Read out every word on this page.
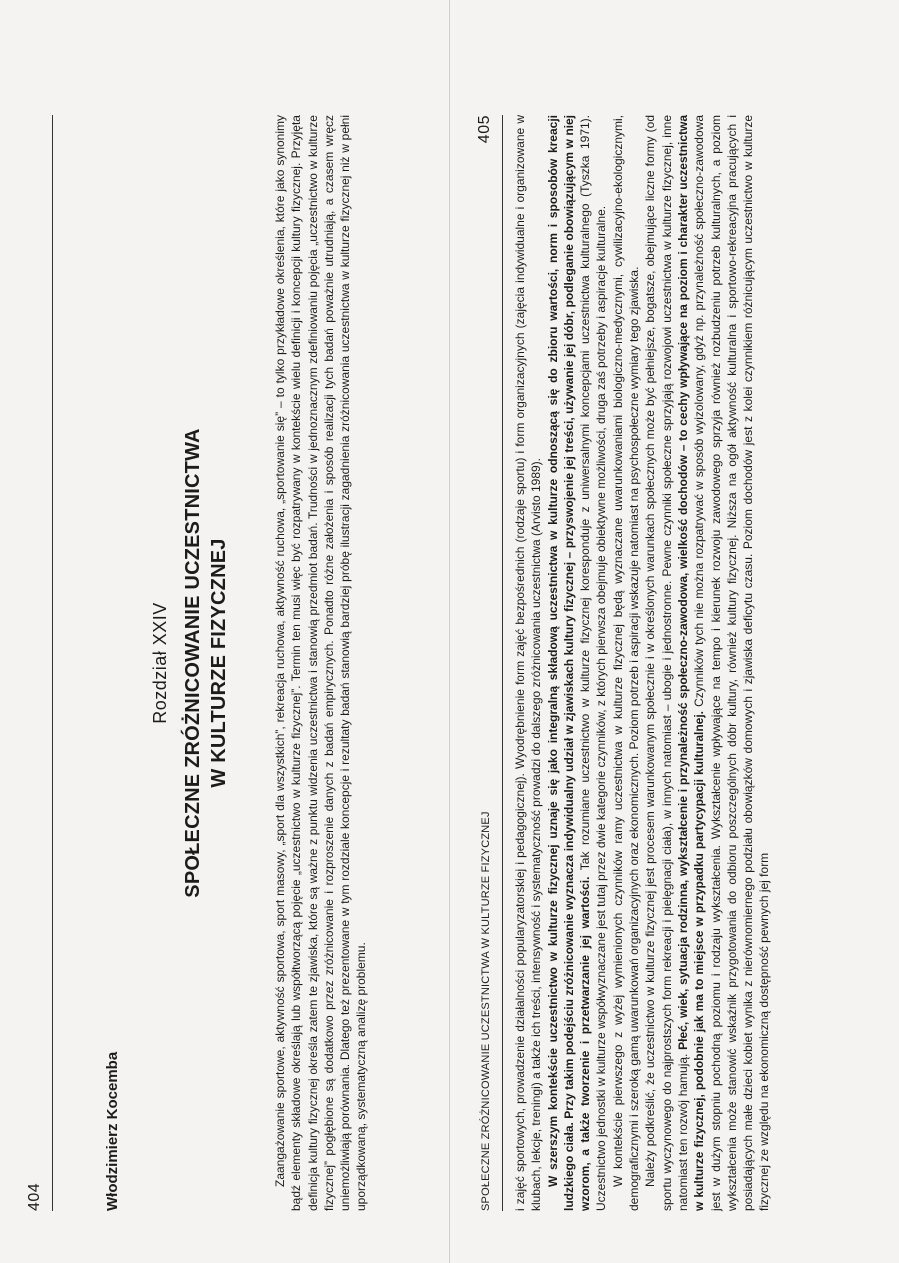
404	Włodzimierz Kocemba
Rozdział XXIV SPOŁECZNE ZRÓŻNICOWANIE UCZESTNICTWA W KULTURZE FIZYCZNEJ	Zaangażowanie sportowe, aktywność sportowa, sport masowy, „sport dla wszystkich”, rekreacja ruchowa, aktywność ruchowa, „sportowanie się” – to tylko przykładowe określenia, które jako synonimy bądź elementy składowe określają lub współtworzącą pojęcie „uczestnictwo w kulturze fizycznej”. Termin ten musi więc być rozpatrywany w kontekście wielu definicji i koncepcji kultury fizycznej. Przyjęta definicja kultury fizycznej określa zatem te zjawiska, które są ważne z punktu widzenia uczestnictwa i stanowią przedmiot badań. Trudności w jednoznacznym zdefiniowaniu pojęcia „uczestnictwo w kulturze fizycznej” pogłębione są dodatkowo przez zróżnicowanie i rozproszenie danych z badań empirycznych. Ponadto różne założenia i sposób realizacji tych badań poważnie utrudniają, a czasem wręcz uniemożliwiają porównania. Dlatego też prezentowane w tym rozdziale koncepcje i rezultaty badań stanowią bardziej próbę ilustracji zagadnienia zróżnicowania uczestnictwa w kulturze fizycznej niż w pełni uporządkowaną, systematyczną analizę problemu.	SPOŁECZNE ZRÓŻNICOWANIE UCZESTNICTWA W KULTURZE FIZYCZNEJ
405 i zajęć sportowych, prowadzenie działalności popularyzatorskiej i pedagogicznej). Wyodrębnienie form zajęć bezpośrednich (rodzaje sportu) i form organizacyjnych (zajęcia indywidualne i organizowane w klubach, lekcje, treningi) a także ich treści, intensywność i systematyczność prowadzi do dalszego zróżnicowania uczestnictwa (Arvisto 1989). W szerszym kontekście uczestnictwo w kulturze fizycznej uznaje się jako integralną składową uczestnictwa w kulturze odnoszącą się do zbioru wartości, norm i sposobów kreacji ludzkiego ciała. Przy takim podejściu zróżnicowanie wyznacza indywidualny udział w zjawiskach kultury fizycznej – przyswojenie jej treści, używanie jej dóbr, podleganie obowiązującym w niej wzorom, a także tworzenie i przetwarzanie jej wartości. Tak rozumiane uczestnictwo w kulturze fizycznej koresponduje z uniwersalnymi koncepcjami uczestnictwa kulturalnego (Tyszka 1971). Uczestnictwo jednostki w kulturze współwyznaczane jest tutaj przez dwie kategorie czynników, z których pierwsza obejmuje obiektywne możliwości, druga zaś potrzeby i aspiracje kulturalne. W kontekście pierwszego z wyżej wymienionych czynników ramy uczestnictwa w kulturze fizycznej będą wyznaczane uwarunkowaniami biologiczno-medycznymi, cywilizacyjno-ekologicznymi, demograficznymi i szeroką gamą uwarunkowań organizacyjnych oraz ekonomicznych. Poziom potrzeb i aspiracji wskazuje natomiast na psychospołeczne wymiary tego zjawiska. Należy podkreślić, że uczestnictwo w kulturze fizycznej jest procesem warunkowanym społecznie i w określonych warunkach społecznych może być pełniejsze, bogatsze, obejmujące liczne formy (od sportu wyczynowego do najprostszych form rekreacji i pielęgnacji ciała), w innych natomiast – ubogie i jednostronne. Pewne czynniki społeczne sprzyjają rozwojowi uczestnictwa w kulturze fizycznej, inne natomiast ten rozwój hamują. Płeć, wiek, sytuacja rodzinna, wykształcenie i przynależność społeczno-zawodowa, wielkość dochodów – to cechy wpływające na poziom i charakter uczestnictwa w kulturze fizycznej, podobnie jak ma to miejsce w przypadku partycypacji kulturalnej. Czynników tych nie można rozpatrywać w sposób wyizolowany, gdyż np. przynależność społeczno-zawodowa jest w dużym stopniu pochodną poziomu i rodzaju wykształcenia. Wykształcenie wpływające na tempo i kierunek rozwoju zawodowego sprzyja również rozbudzeniu potrzeb kulturalnych, a poziom wykształcenia może stanowić wskaźnik przygotowania do odbioru poszczególnych dóbr kultury, również kultury fizycznej. Niższa na ogół aktywność kulturalna i sportowo-rekreacyjna pracujących i posiadających małe dzieci kobiet wynika z nierównomiernego podziału obowiązków domowych i zjawiska deficytu czasu. Poziom dochodów jest z kolei czynnikiem różnicującym uczestnictwo w kulturze fizycznej ze względu na ekonomiczną dostępność pewnych jej form
